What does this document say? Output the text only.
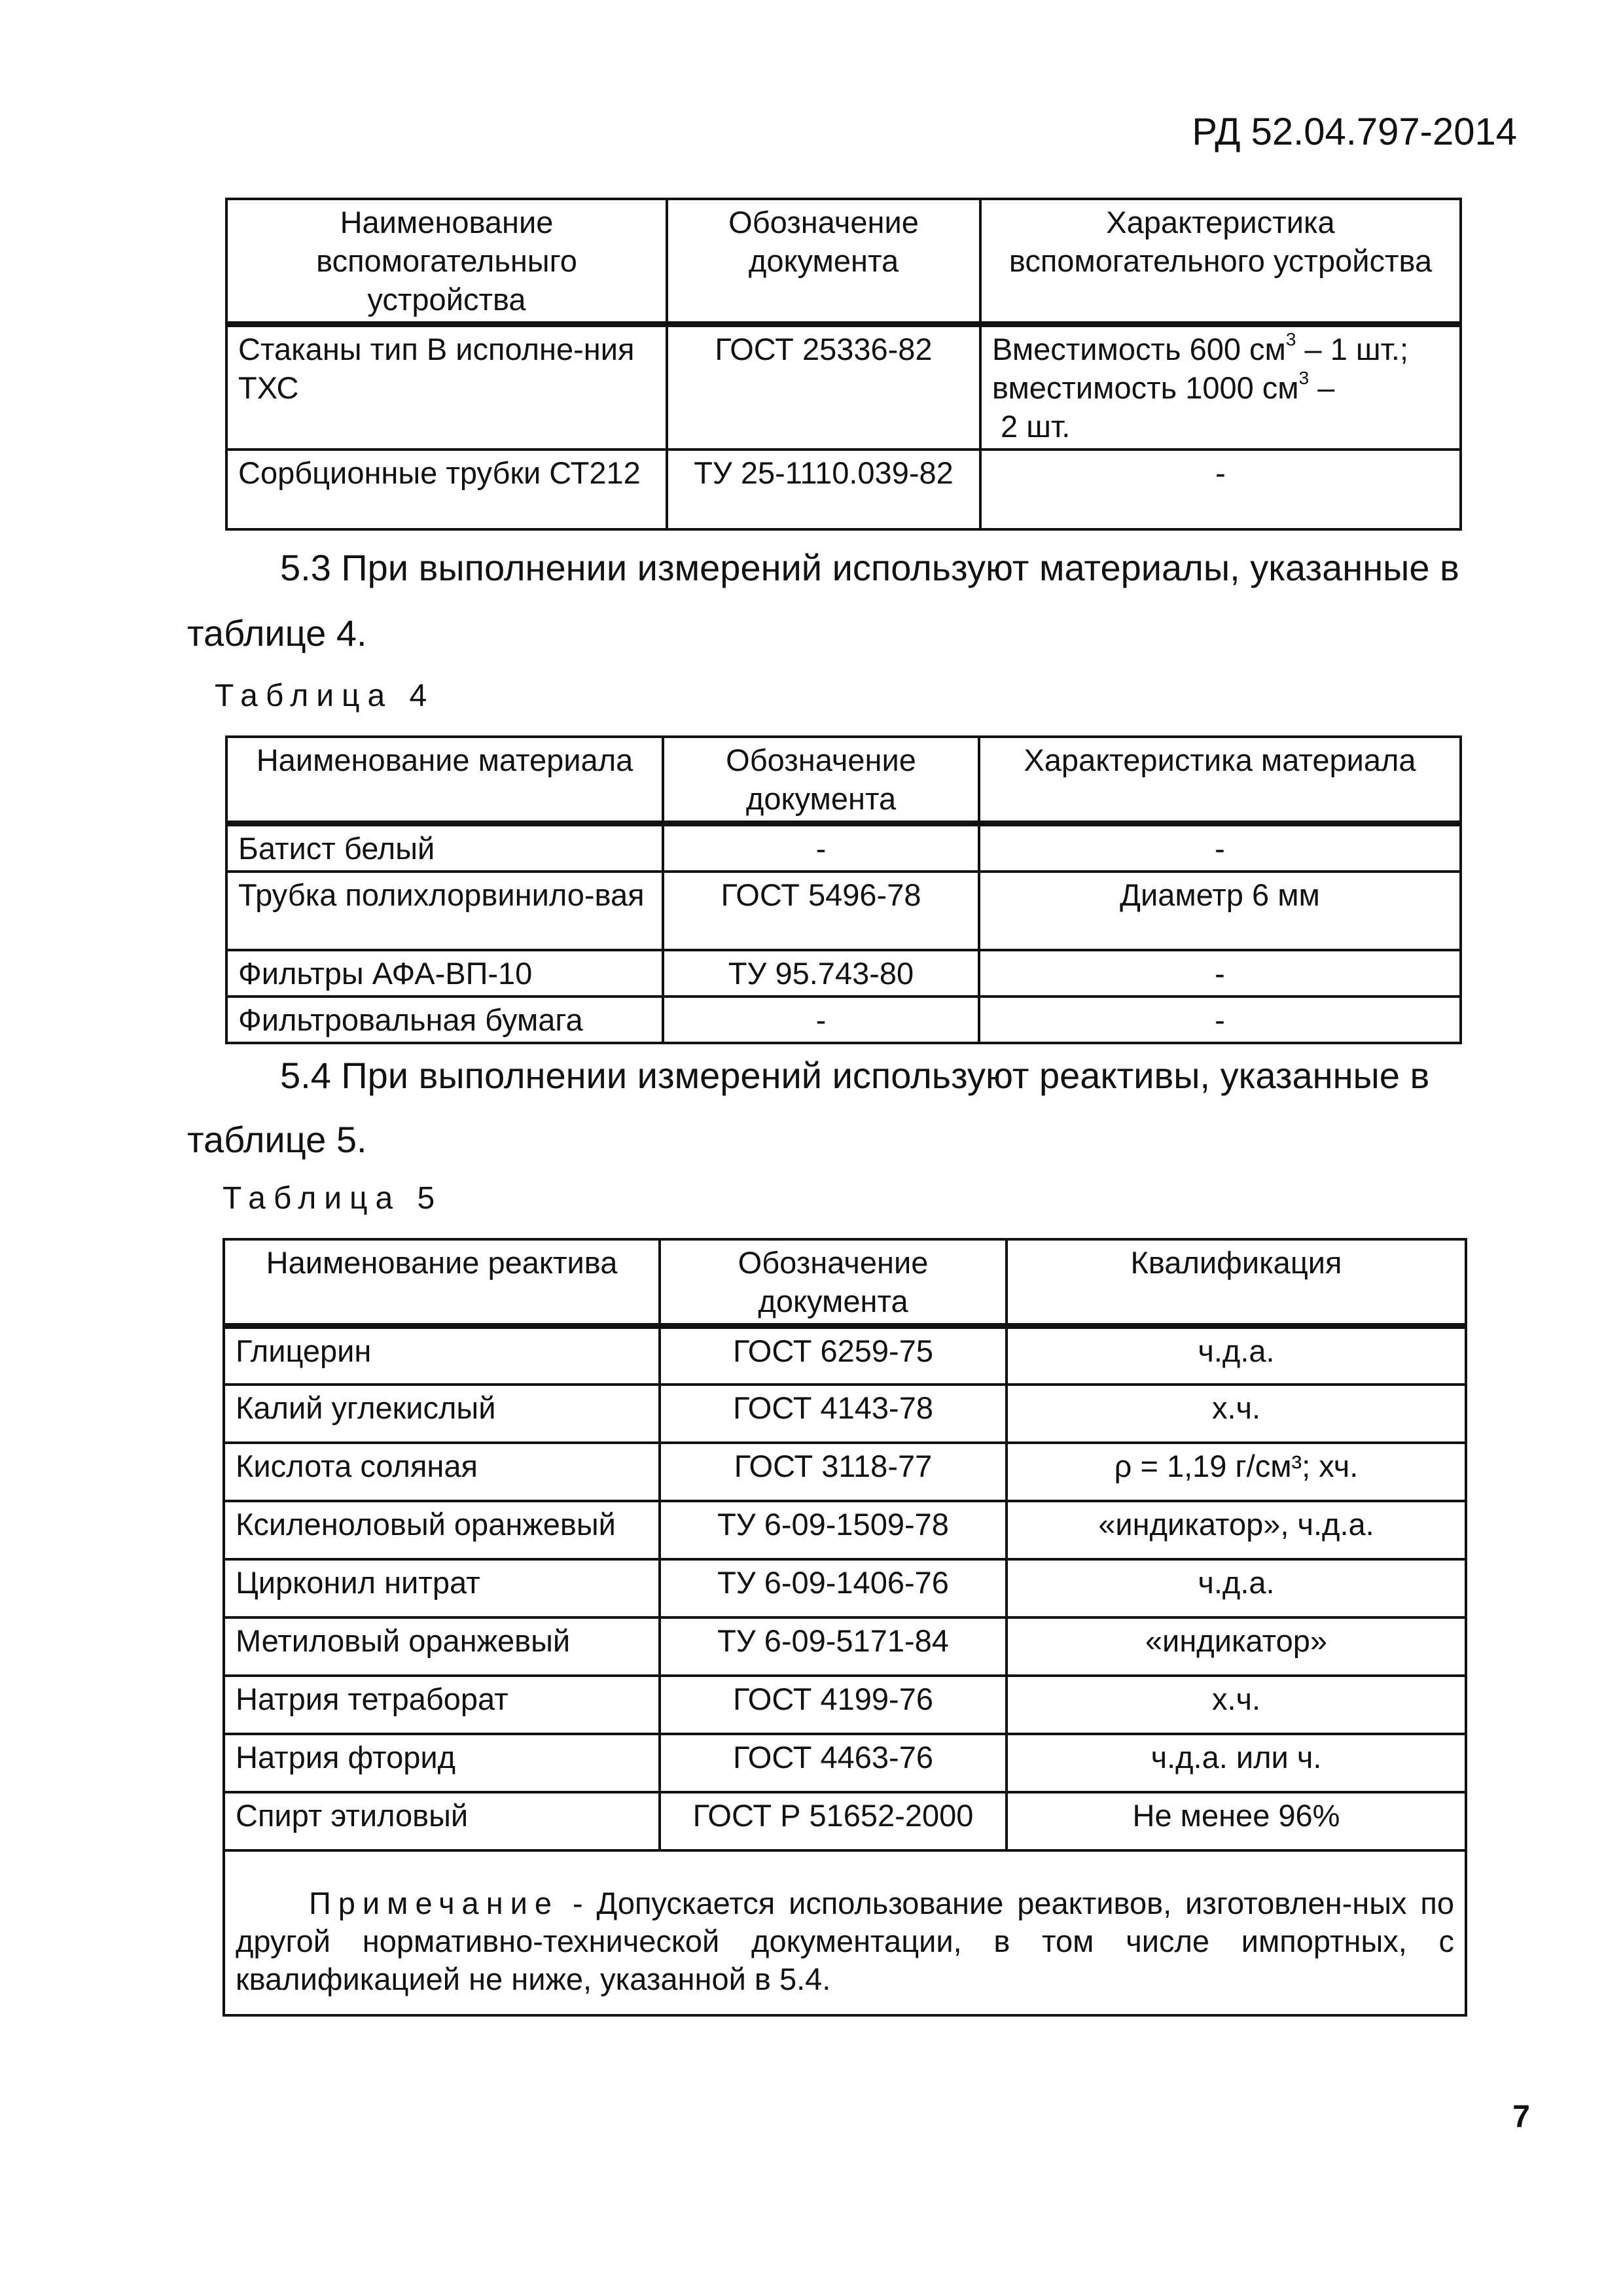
РД 52.04.797-2014
Наименование вспомогательныго устройства	Обозначение документа	Характеристика вспомогательного устройства
Стаканы тип В исполне-ния ТХС	ГОСТ 25336-82	Вместимость 600 $см^3 - 1$ шт.;
вместимость 1000 $см^3$ –
2 шт.
Сорбционные трубки СТ212	ТУ 25-1110.039-82	-
5.3 При выполнении измерений используют материалы, указанные в
таблице 4.
Таблица 4
Наименование материала	Обозначение документа	Характеристика материала
Батист белый	-	-
Трубка полихлорвинило-вая	ГОСТ 5496-78	Диаметр 6 мм
Фильтры АФА-ВП-10	ТУ 95.743-80	-
Фильтровальная бумага	-	-
5.4 При выполнении измерений используют реактивы, указанные в
таблице 5.
Таблица 5
Наименование реактива	Обозначение документа	Квалификация
Глицерин	ГОСТ 6259-75	ч.д.а.
Калий углекислый	ГОСТ 4143-78	х.ч.
Кислота соляная	ГОСТ 3118-77	ρ = 1,19 г/см³; хч.
Ксиленоловый оранжевый	ТУ 6-09-1509-78	«индикатор», ч.д.а.
Цирконил нитрат	ТУ 6-09-1406-76	ч.д.а.
Метиловый оранжевый	ТУ 6-09-5171-84	«индикатор»
Натрия тетраборат	ГОСТ 4199-76	х.ч.
Натрия фторид	ГОСТ 4463-76	ч.д.а. или ч.
Спирт этиловый	ГОСТ Р 51652-2000	Не менее 96%
Примечание - Допускается использование реактивов, изготовлен-ных по другой нормативно-технической документации, в том числе импортных, с квалификацией не ниже, указанной в 5.4.		
7
